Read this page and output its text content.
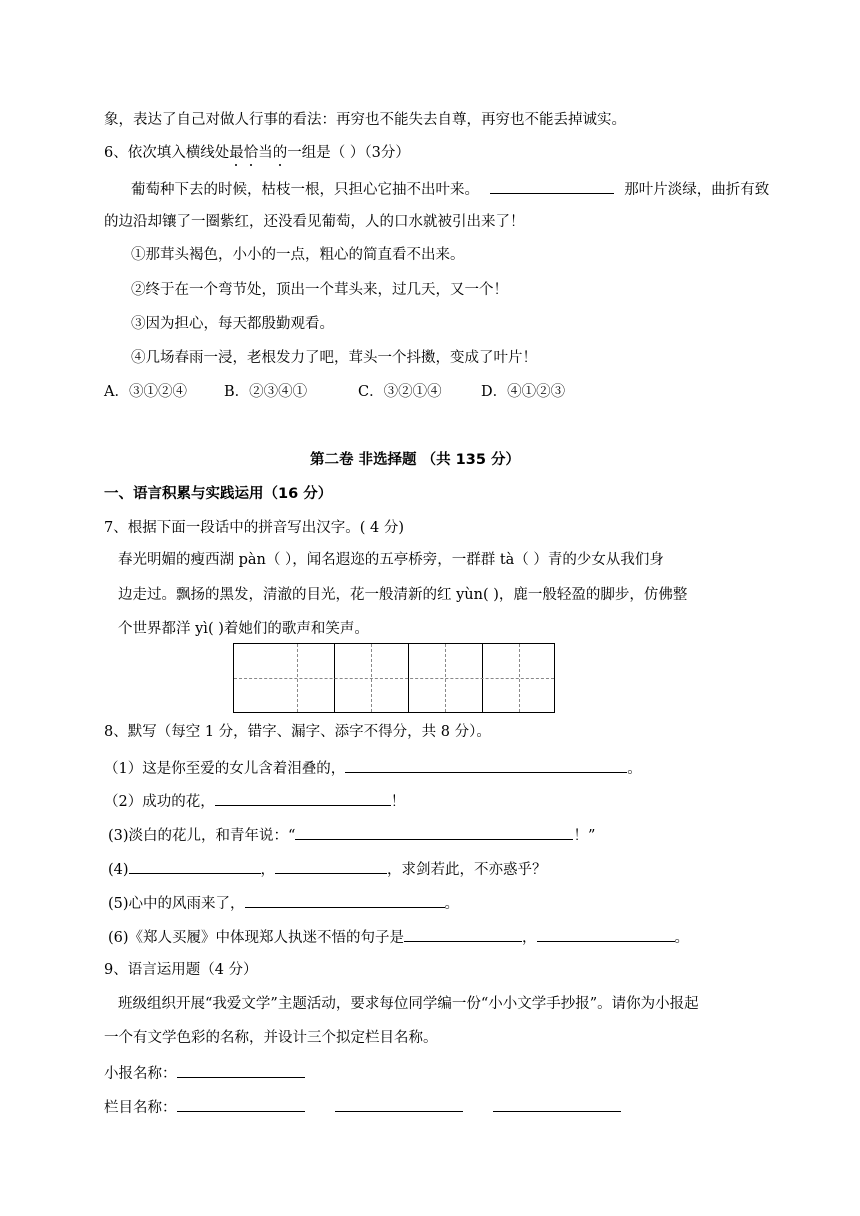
象，表达了自己对做人行事的看法：再穷也不能失去自尊，再穷也不能丢掉诚实。
6、依次填入横线处最恰当的一组是（ ）（3分）
葡萄种下去的时候，枯枝一根，只担心它抽不出叶来。	那叶片淡绿，曲折有致
的边沿却镶了一圈紫红，还没看见葡萄，人的口水就被引出来了！
①那茸头褐色，小小的一点，粗心的简直看不出来。
②终于在一个弯节处，顶出一个茸头来，过几天，又一个！
③因为担心，每天都殷勤观看。
④几场春雨一浸，老根发力了吧，茸头一个抖擞，变成了叶片！
A．③①②④	B．②③④①	C．③②①④	D．④①②③
第二卷 非选择题 （共 135 分）
一、语言积累与实践运用（16 分）
7、根据下面一段话中的拼音写出汉字。( 4 分)
春光明媚的瘦西湖 pàn（ ），闻名遐迩的五亭桥旁，一群群 tà（ ）青的少女从我们身
边走过。飘扬的黑发，清澈的目光，花一般清新的红 yùn( )，鹿一般轻盈的脚步，仿佛整
个世界都洋 yì( )着她们的歌声和笑声。
8、默写（每空 1 分，错字、漏字、添字不得分，共 8 分）。
（1）这是你至爱的女儿含着泪叠的，	。
（2）成功的花，	！
(3)淡白的花儿，和青年说：“	！”
(4)	，	，求剑若此，不亦惑乎？
(5)心中的风雨来了，	。
(6)《郑人买履》中体现郑人执迷不悟的句子是	，	。
9、语言运用题（4 分）
班级组织开展“我爱文学”主题活动，要求每位同学编一份“小小文学手抄报”。请你为小报起
一个有文学色彩的名称，并设计三个拟定栏目名称。
小报名称：
栏目名称：
